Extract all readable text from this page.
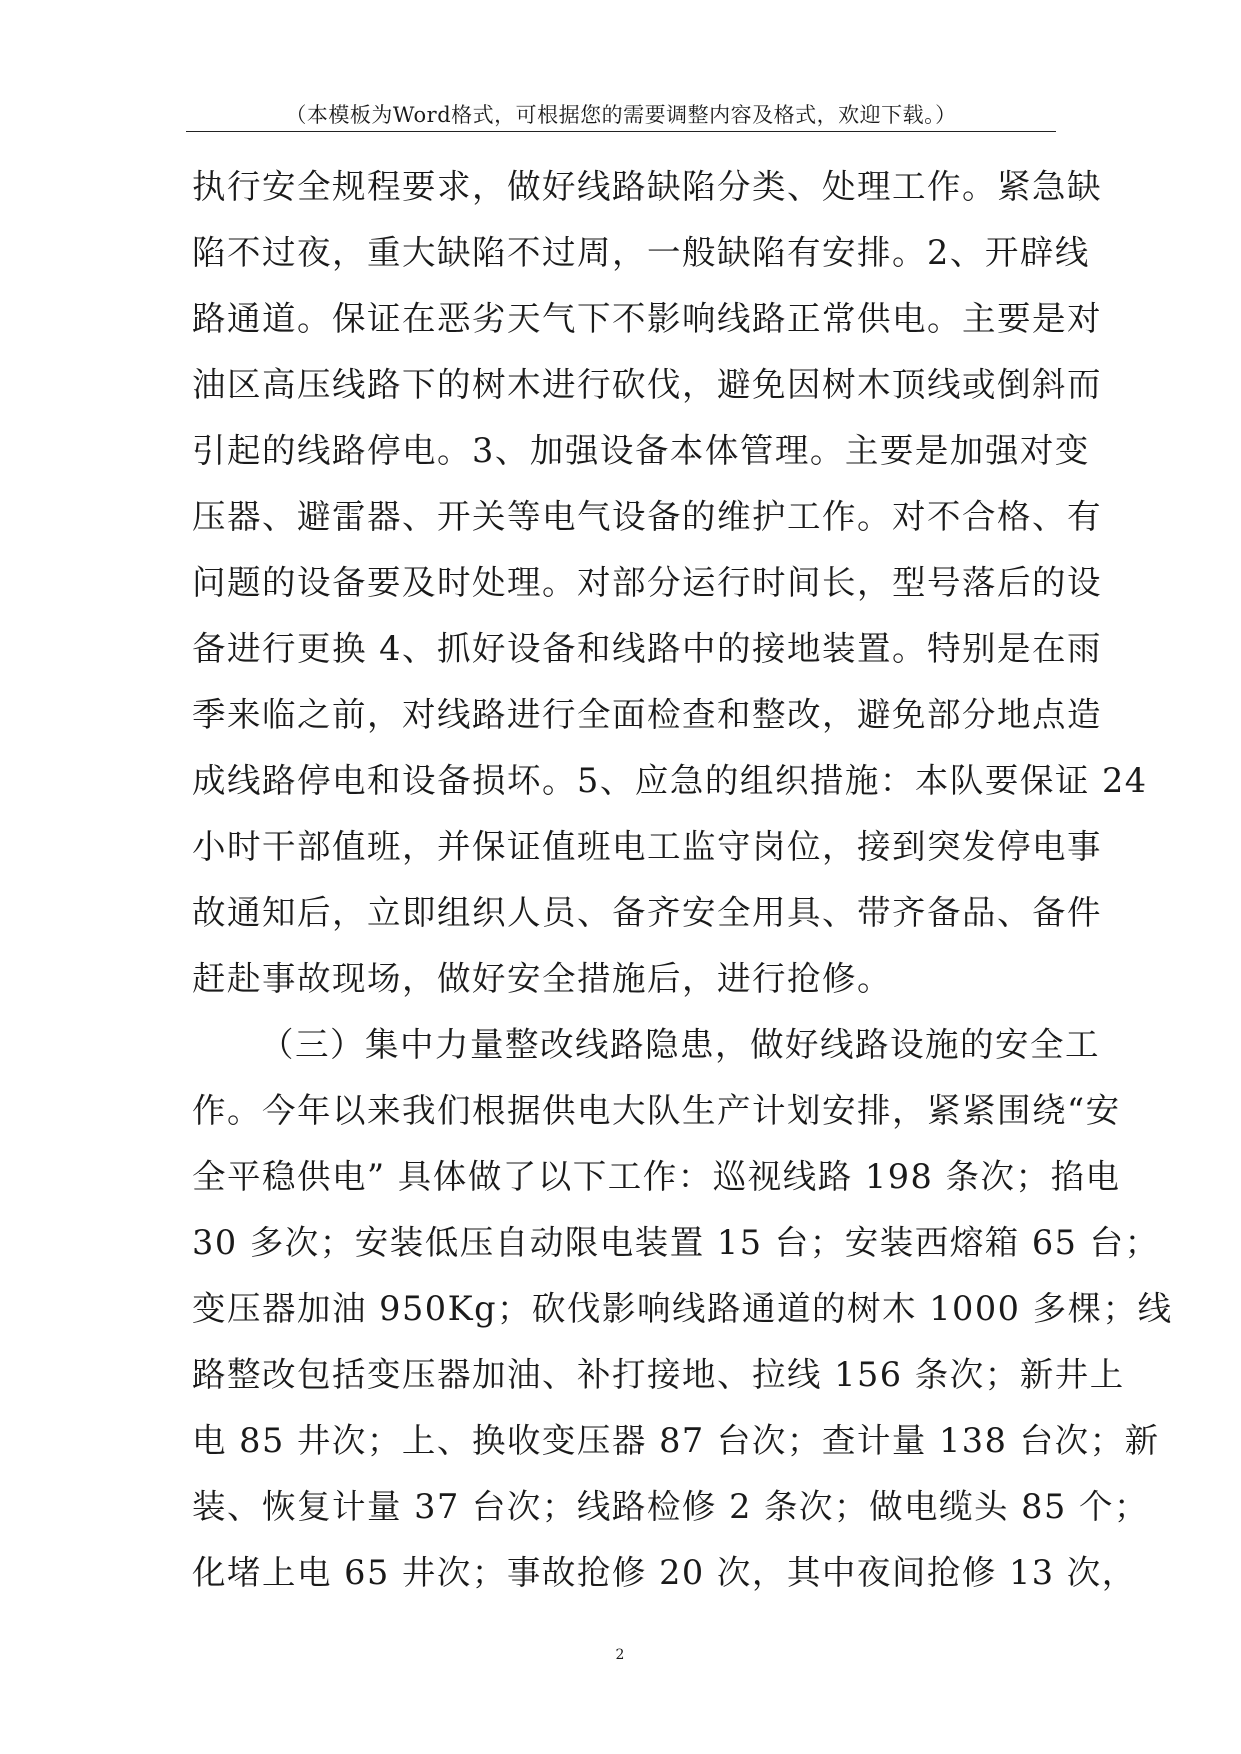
（本模板为Word格式，可根据您的需要调整内容及格式，欢迎下载。）
执行安全规程要求，做好线路缺陷分类、处理工作。紧急缺
陷不过夜，重大缺陷不过周，一般缺陷有安排。2、开辟线
路通道。保证在恶劣天气下不影响线路正常供电。主要是对
油区高压线路下的树木进行砍伐，避免因树木顶线或倒斜而
引起的线路停电。3、加强设备本体管理。主要是加强对变
压器、避雷器、开关等电气设备的维护工作。对不合格、有
问题的设备要及时处理。对部分运行时间长，型号落后的设
备进行更换 4、抓好设备和线路中的接地装置。特别是在雨
季来临之前，对线路进行全面检查和整改，避免部分地点造
成线路停电和设备损坏。5、应急的组织措施：本队要保证 24
小时干部值班，并保证值班电工监守岗位，接到突发停电事
故通知后，立即组织人员、备齐安全用具、带齐备品、备件
赶赴事故现场，做好安全措施后，进行抢修。
（三）集中力量整改线路隐患，做好线路设施的安全工
作。今年以来我们根据供电大队生产计划安排，紧紧围绕“安
全平稳供电” 具体做了以下工作：巡视线路 198 条次；掐电
30 多次；安装低压自动限电装置 15 台；安装西熔箱 65 台；
变压器加油 950Kg；砍伐影响线路通道的树木 1000 多棵；线
路整改包括变压器加油、补打接地、拉线 156 条次；新井上
电 85 井次；上、换收变压器 87 台次；查计量 138 台次；新
装、恢复计量 37 台次；线路检修 2 条次；做电缆头 85 个；
化堵上电 65 井次；事故抢修 20 次，其中夜间抢修 13 次，
2
